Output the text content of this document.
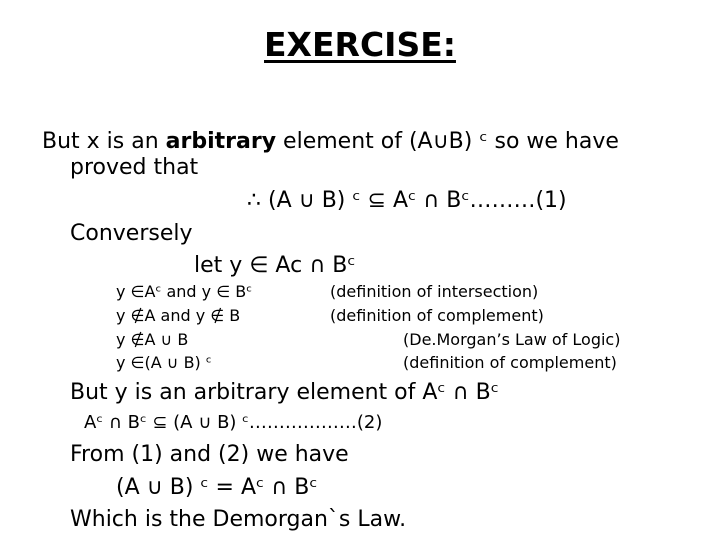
EXERCISE:
But x is an arbitrary element of (A∪B) ᶜ so we have
proved that
∴ (A ∪ B) ᶜ ⊆ Aᶜ ∩ Bᶜ………(1)
Conversely
let y ∈ Ac ∩ Bᶜ
y ∈Aᶜ and y ∈ Bᶜ	(definition of intersection)
y ∉A and y ∉ B	(definition of complement)
y ∉A ∪ B	(De.Morgan’s Law of Logic)
y ∈(A ∪ B) ᶜ	(definition of complement)
But y is an arbitrary element of Aᶜ ∩ Bᶜ
Aᶜ ∩ Bᶜ ⊆ (A ∪ B) ᶜ………………(2)
From (1) and (2) we have
(A ∪ B) ᶜ = Aᶜ ∩ Bᶜ
Which is the Demorgan`s Law.
